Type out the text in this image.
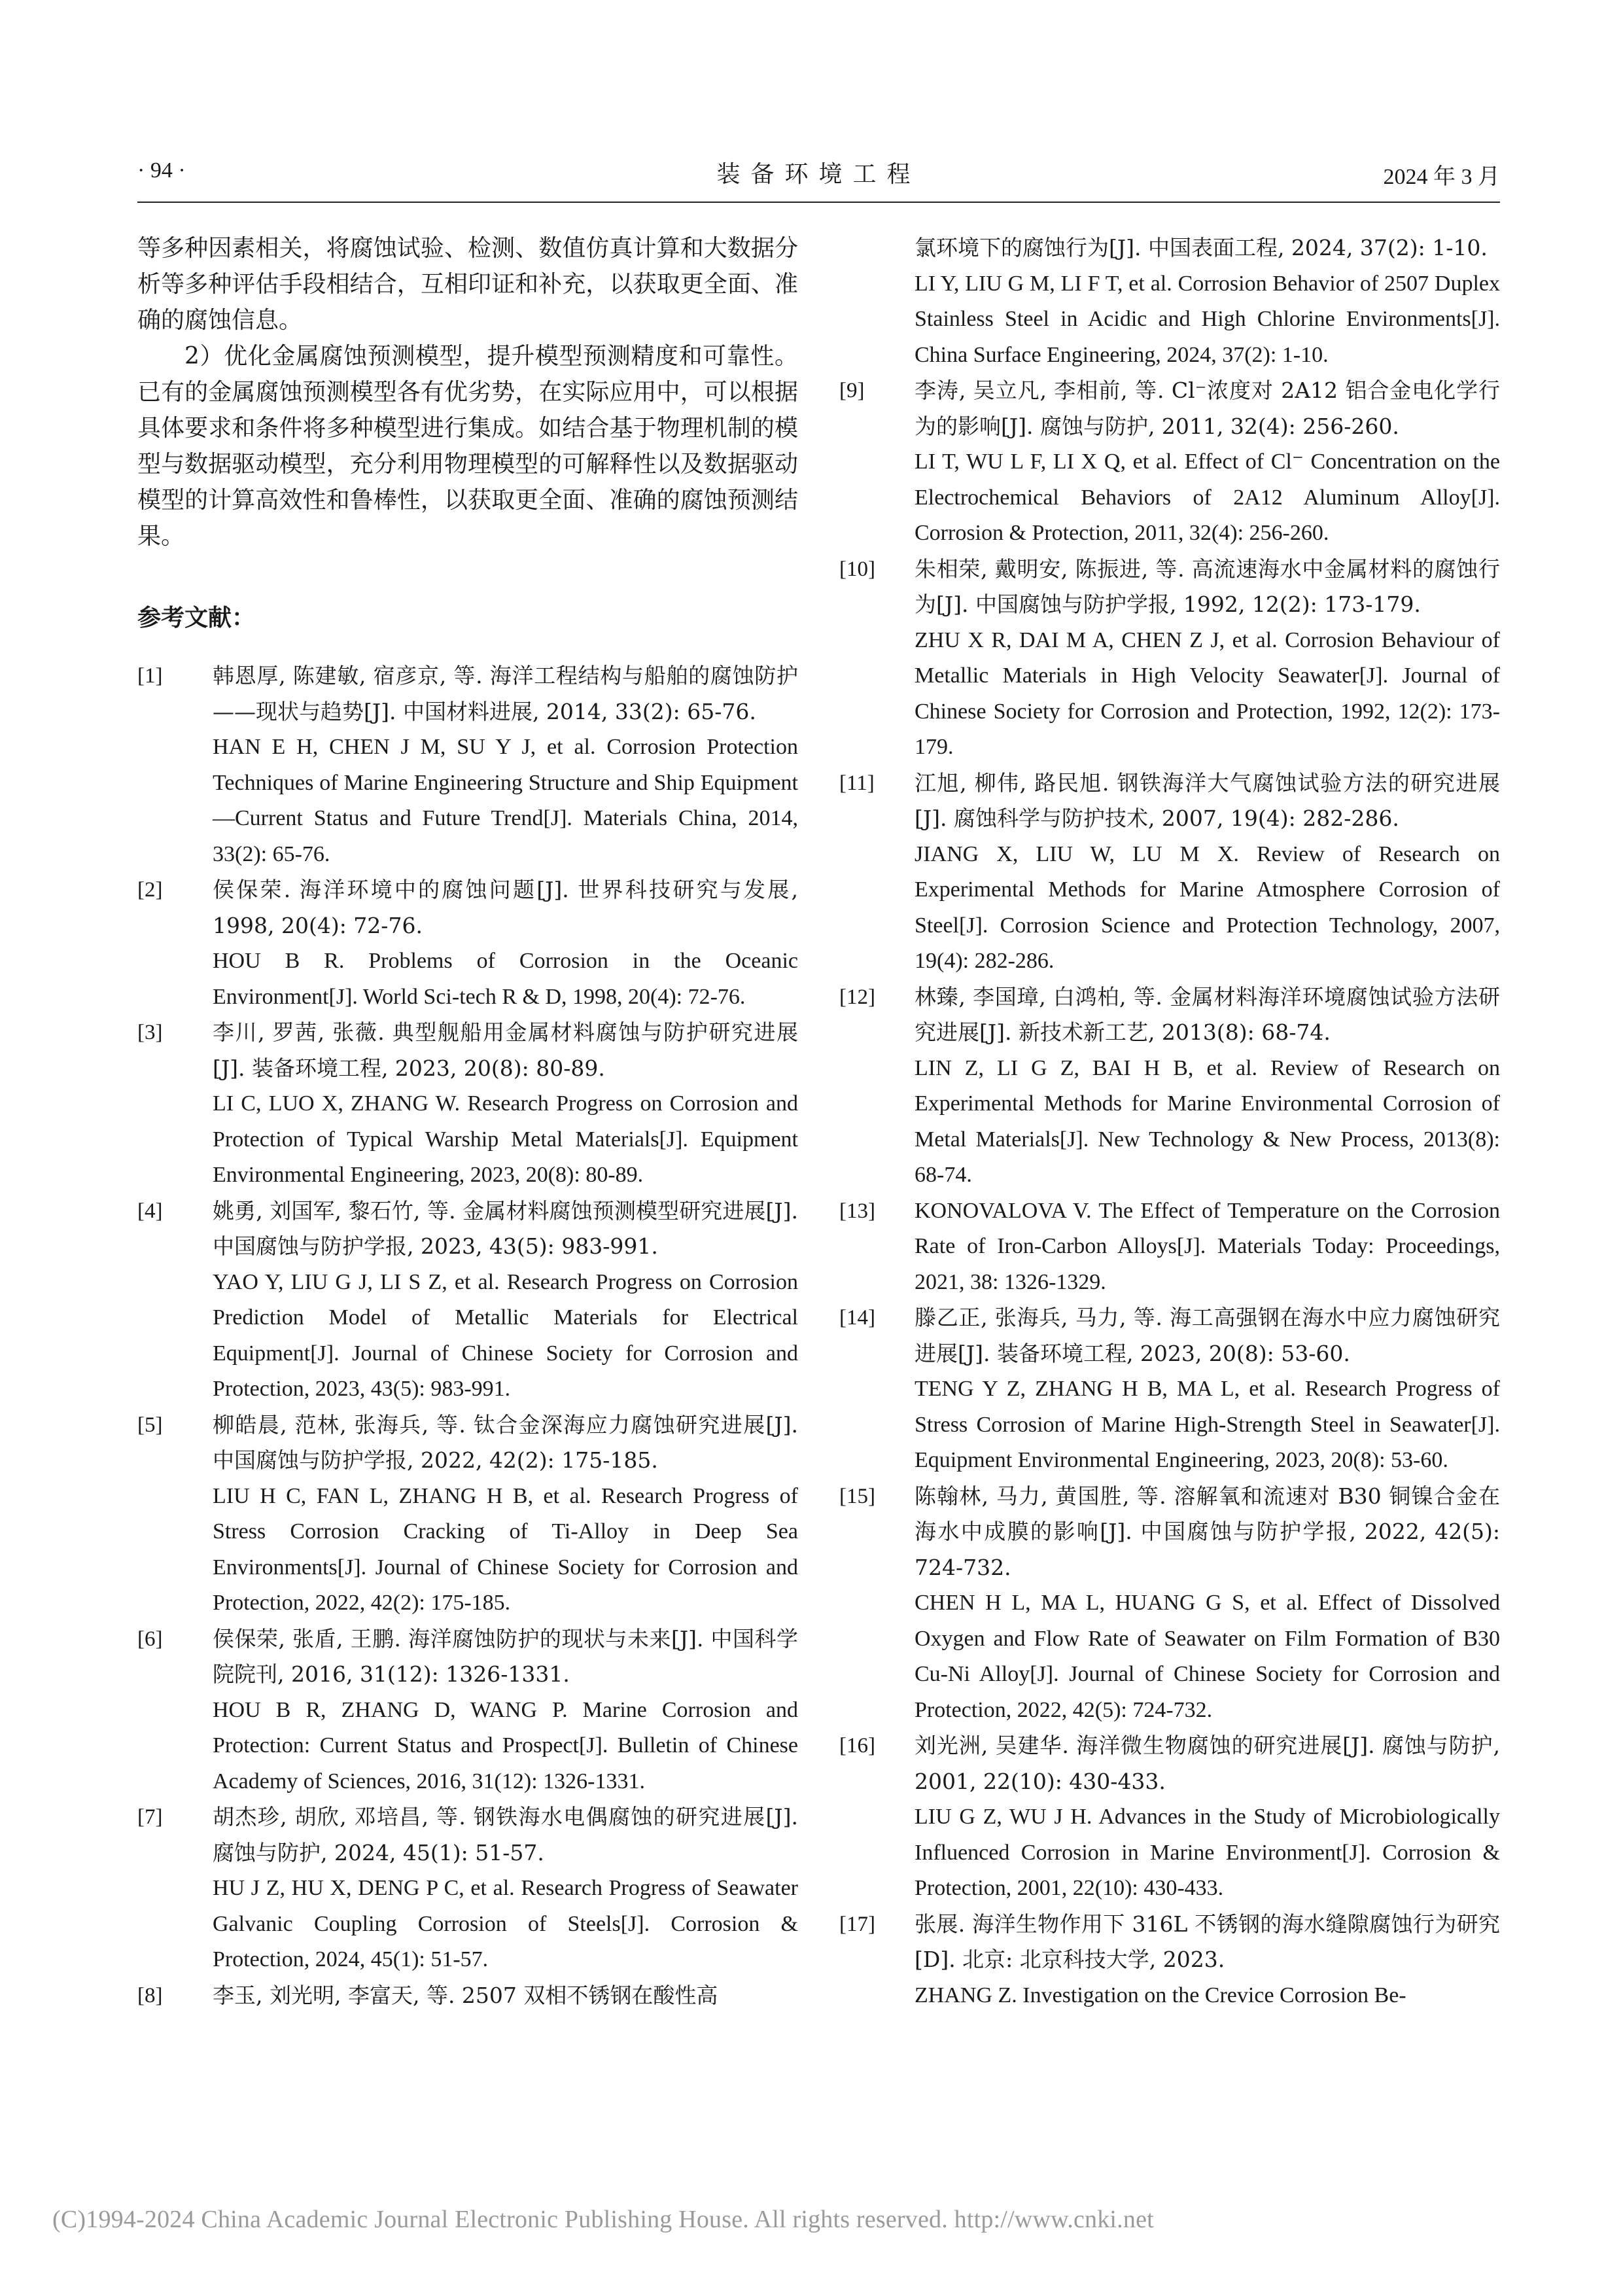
· 94 ·	装备环境工程	2024 年 3 月

等多种因素相关，将腐蚀试验、检测、数值仿真计算和大数据分析等多种评估手段相结合，互相印证和补充，以获取更全面、准确的腐蚀信息。

2）优化金属腐蚀预测模型，提升模型预测精度和可靠性。已有的金属腐蚀预测模型各有优劣势，在实际应用中，可以根据具体要求和条件将多种模型进行集成。如结合基于物理机制的模型与数据驱动模型，充分利用物理模型的可解释性以及数据驱动模型的计算高效性和鲁棒性，以获取更全面、准确的腐蚀预测结果。

参考文献：
[1] 韩恩厚, 陈建敏, 宿彦京, 等. 海洋工程结构与船舶的腐蚀防护——现状与趋势[J]. 中国材料进展, 2014, 33(2): 65-76.
HAN E H, CHEN J M, SU Y J, et al. Corrosion Protection Techniques of Marine Engineering Structure and Ship Equipment—Current Status and Future Trend[J]. Materials China, 2014, 33(2): 65-76.
[2] 侯保荣. 海洋环境中的腐蚀问题[J]. 世界科技研究与发展, 1998, 20(4): 72-76.
HOU B R. Problems of Corrosion in the Oceanic Environment[J]. World Sci-tech R & D, 1998, 20(4): 72-76.
[3] 李川, 罗茜, 张薇. 典型舰船用金属材料腐蚀与防护研究进展[J]. 装备环境工程, 2023, 20(8): 80-89.
LI C, LUO X, ZHANG W. Research Progress on Corrosion and Protection of Typical Warship Metal Materials[J]. Equipment Environmental Engineering, 2023, 20(8): 80-89.
[4] 姚勇, 刘国军, 黎石竹, 等. 金属材料腐蚀预测模型研究进展[J]. 中国腐蚀与防护学报, 2023, 43(5): 983-991.
YAO Y, LIU G J, LI S Z, et al. Research Progress on Corrosion Prediction Model of Metallic Materials for Electrical Equipment[J]. Journal of Chinese Society for Corrosion and Protection, 2023, 43(5): 983-991.
[5] 柳皓晨, 范林, 张海兵, 等. 钛合金深海应力腐蚀研究进展[J]. 中国腐蚀与防护学报, 2022, 42(2): 175-185.
LIU H C, FAN L, ZHANG H B, et al. Research Progress of Stress Corrosion Cracking of Ti-Alloy in Deep Sea Environments[J]. Journal of Chinese Society for Corrosion and Protection, 2022, 42(2): 175-185.
[6] 侯保荣, 张盾, 王鹏. 海洋腐蚀防护的现状与未来[J]. 中国科学院院刊, 2016, 31(12): 1326-1331.
HOU B R, ZHANG D, WANG P. Marine Corrosion and Protection: Current Status and Prospect[J]. Bulletin of Chinese Academy of Sciences, 2016, 31(12): 1326-1331.
[7] 胡杰珍, 胡欣, 邓培昌, 等. 钢铁海水电偶腐蚀的研究进展[J]. 腐蚀与防护, 2024, 45(1): 51-57.
HU J Z, HU X, DENG P C, et al. Research Progress of Seawater Galvanic Coupling Corrosion of Steels[J]. Corrosion & Protection, 2024, 45(1): 51-57.
[8] 李玉, 刘光明, 李富天, 等. 2507 双相不锈钢在酸性高
氯环境下的腐蚀行为[J]. 中国表面工程, 2024, 37(2): 1-10.
LI Y, LIU G M, LI F T, et al. Corrosion Behavior of 2507 Duplex Stainless Steel in Acidic and High Chlorine Environments[J]. China Surface Engineering, 2024, 37(2): 1-10.
[9] 李涛, 吴立凡, 李相前, 等. Cl⁻浓度对 2A12 铝合金电化学行为的影响[J]. 腐蚀与防护, 2011, 32(4): 256-260.
LI T, WU L F, LI X Q, et al. Effect of Cl⁻ Concentration on the Electrochemical Behaviors of 2A12 Aluminum Alloy[J]. Corrosion & Protection, 2011, 32(4): 256-260.
[10] 朱相荣, 戴明安, 陈振进, 等. 高流速海水中金属材料的腐蚀行为[J]. 中国腐蚀与防护学报, 1992, 12(2): 173-179.
ZHU X R, DAI M A, CHEN Z J, et al. Corrosion Behaviour of Metallic Materials in High Velocity Seawater[J]. Journal of Chinese Society for Corrosion and Protection, 1992, 12(2): 173-179.
[11] 江旭, 柳伟, 路民旭. 钢铁海洋大气腐蚀试验方法的研究进展[J]. 腐蚀科学与防护技术, 2007, 19(4): 282-286.
JIANG X, LIU W, LU M X. Review of Research on Experimental Methods for Marine Atmosphere Corrosion of Steel[J]. Corrosion Science and Protection Technology, 2007, 19(4): 282-286.
[12] 林臻, 李国璋, 白鸿柏, 等. 金属材料海洋环境腐蚀试验方法研究进展[J]. 新技术新工艺, 2013(8): 68-74.
LIN Z, LI G Z, BAI H B, et al. Review of Research on Experimental Methods for Marine Environmental Corrosion of Metal Materials[J]. New Technology & New Process, 2013(8): 68-74.
[13] KONOVALOVA V. The Effect of Temperature on the Corrosion Rate of Iron-Carbon Alloys[J]. Materials Today: Proceedings, 2021, 38: 1326-1329.
[14] 滕乙正, 张海兵, 马力, 等. 海工高强钢在海水中应力腐蚀研究进展[J]. 装备环境工程, 2023, 20(8): 53-60.
TENG Y Z, ZHANG H B, MA L, et al. Research Progress of Stress Corrosion of Marine High-Strength Steel in Seawater[J]. Equipment Environmental Engineering, 2023, 20(8): 53-60.
[15] 陈翰林, 马力, 黄国胜, 等. 溶解氧和流速对 B30 铜镍合金在海水中成膜的影响[J]. 中国腐蚀与防护学报, 2022, 42(5): 724-732.
CHEN H L, MA L, HUANG G S, et al. Effect of Dissolved Oxygen and Flow Rate of Seawater on Film Formation of B30 Cu-Ni Alloy[J]. Journal of Chinese Society for Corrosion and Protection, 2022, 42(5): 724-732.
[16] 刘光洲, 吴建华. 海洋微生物腐蚀的研究进展[J]. 腐蚀与防护, 2001, 22(10): 430-433.
LIU G Z, WU J H. Advances in the Study of Microbiologically Influenced Corrosion in Marine Environment[J]. Corrosion & Protection, 2001, 22(10): 430-433.
[17] 张展. 海洋生物作用下 316L 不锈钢的海水缝隙腐蚀行为研究[D]. 北京: 北京科技大学, 2023.
ZHANG Z. Investigation on the Crevice Corrosion Be-
(C)1994-2024 China Academic Journal Electronic Publishing House. All rights reserved. http://www.cnki.net
